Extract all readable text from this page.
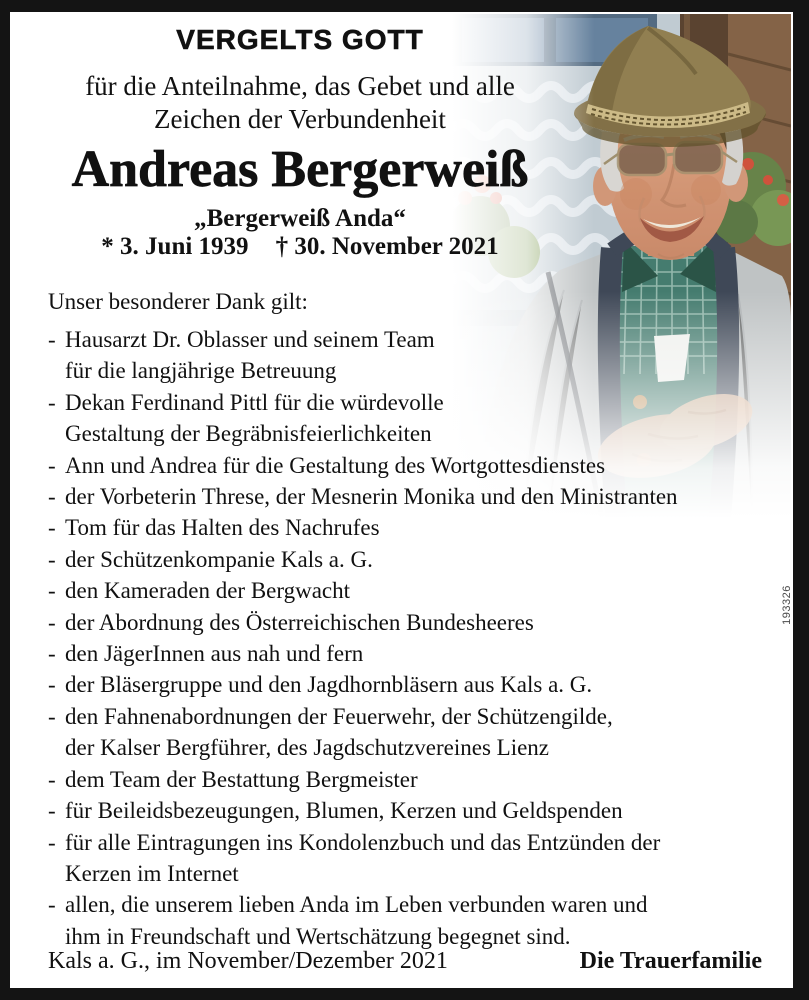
VERGELTS GOTT
für die Anteilnahme, das Gebet und alle
Zeichen der Verbundenheit
Andreas Bergerweiß
„Bergerweiß Anda“
* 3. Juni 1939 † 30. November 2021
Unser besonderer Dank gilt:
- Hausarzt Dr. Oblasser und seinem Team
für die langjährige Betreuung
- Dekan Ferdinand Pittl für die würdevolle
Gestaltung der Begräbnisfeierlichkeiten
- Ann und Andrea für die Gestaltung des Wortgottesdienstes
- der Vorbeterin Threse, der Mesnerin Monika und den Ministranten
- Tom für das Halten des Nachrufes
- der Schützenkompanie Kals a. G.
- den Kameraden der Bergwacht
- der Abordnung des Österreichischen Bundesheeres
- den JägerInnen aus nah und fern
- der Bläsergruppe und den Jagdhornbläsern aus Kals a. G.
- den Fahnenabordnungen der Feuerwehr, der Schützengilde,
der Kalser Bergführer, des Jagdschutzvereines Lienz
- dem Team der Bestattung Bergmeister
- für Beileidsbezeugungen, Blumen, Kerzen und Geldspenden
- für alle Eintragungen ins Kondolenzbuch und das Entzünden der
Kerzen im Internet
- allen, die unserem lieben Anda im Leben verbunden waren und
ihm in Freundschaft und Wertschätzung begegnet sind.
Kals a. G., im November/Dezember 2021	Die Trauerfamilie
193326
